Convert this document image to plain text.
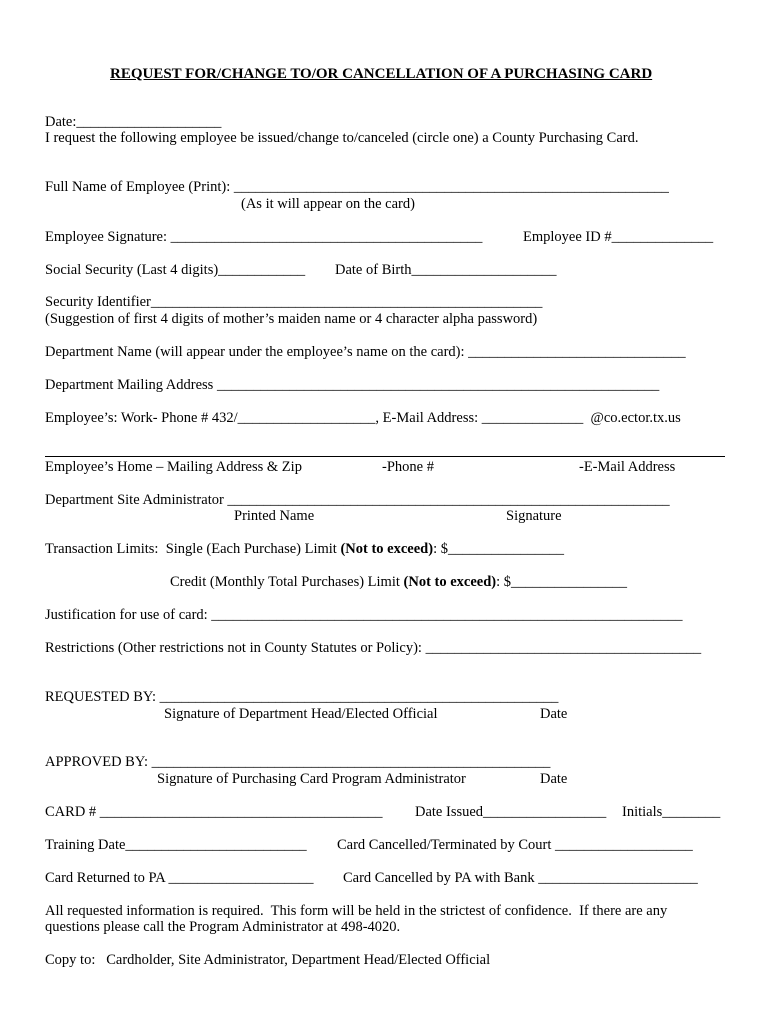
REQUEST FOR/CHANGE TO/OR CANCELLATION OF A PURCHASING CARD
Date:____________________
I request the following employee be issued/change to/canceled (circle one) a County Purchasing Card.
Full Name of Employee (Print): ____________________________________________________________
(As it will appear on the card)
Employee Signature: ___________________________________________	Employee ID #______________
Social Security (Last 4 digits)____________ Date of Birth____________________
Security Identifier______________________________________________________
(Suggestion of first 4 digits of mother’s maiden name or 4 character alpha password)
Department Name (will appear under the employee’s name on the card): ______________________________
Department Mailing Address _____________________________________________________________
Employee’s: Work- Phone # 432/___________________, E-Mail Address: ______________  @co.ector.tx.us
Employee’s Home – Mailing Address & Zip	-Phone #	-E-Mail Address
Department Site Administrator _____________________________________________________________
Printed Name	Signature
Transaction Limits:  Single (Each Purchase) Limit (Not to exceed): $________________
Credit (Monthly Total Purchases) Limit (Not to exceed): $________________
Justification for use of card: _________________________________________________________________
Restrictions (Other restrictions not in County Statutes or Policy): ______________________________________
REQUESTED BY: _______________________________________________________
Signature of Department Head/Elected Official	Date
APPROVED BY: _______________________________________________________
Signature of Purchasing Card Program Administrator	Date
CARD # _______________________________________ Date Issued_________________ Initials________
Training Date_________________________ Card Cancelled/Terminated by Court ___________________
Card Returned to PA ____________________ Card Cancelled by PA with Bank ______________________
All requested information is required.  This form will be held in the strictest of confidence.  If there are any
questions please call the Program Administrator at 498-4020.
Copy to:   Cardholder, Site Administrator, Department Head/Elected Official
